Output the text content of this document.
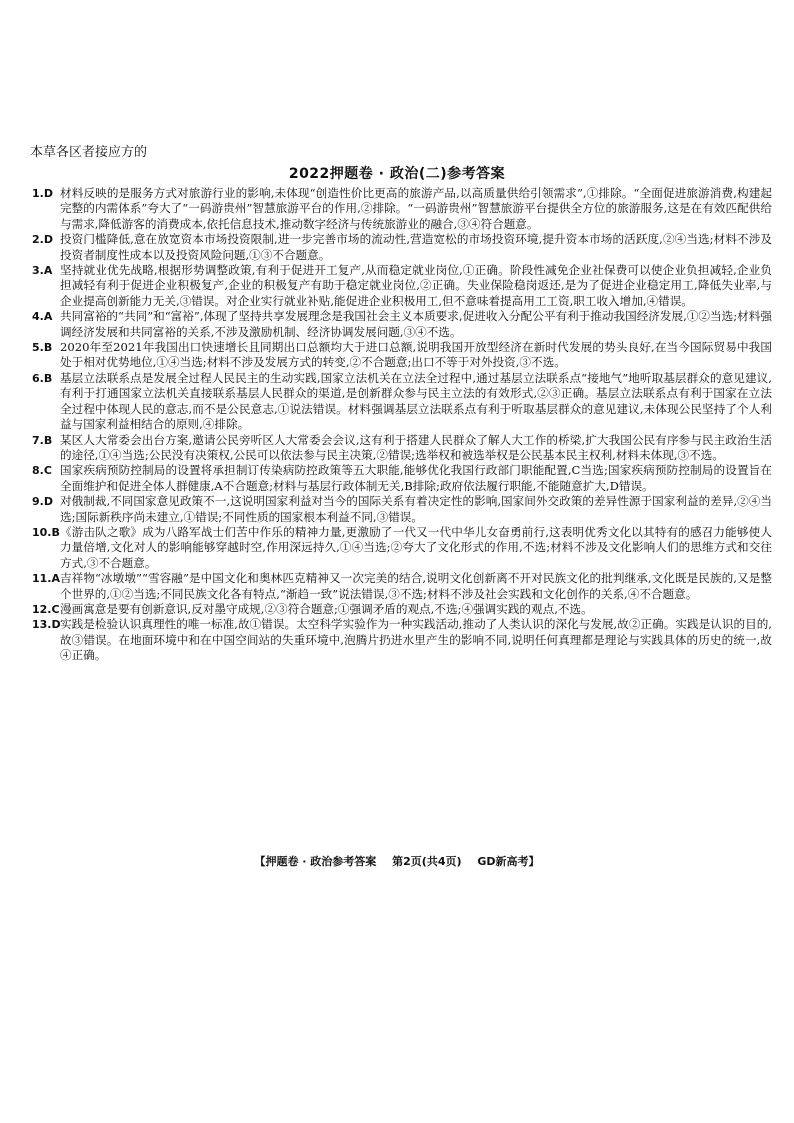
本草各区者接应方的
2022押题卷 · 政治(二)参考答案
1.D 材料反映的是服务方式对旅游行业的影响,未体现“创造性价比更高的旅游产品,以高质量供给引领需求”,①排除。“全面促进旅游消费,构建起完整的内需体系”夸大了“一码游贵州”智慧旅游平台的作用,②排除。“一码游贵州”智慧旅游平台提供全方位的旅游服务,这是在有效匹配供给与需求,降低游客的消费成本,依托信息技术,推动数字经济与传统旅游业的融合,③④符合题意。
2.D 投资门槛降低,意在放宽资本市场投资限制,进一步完善市场的流动性,营造宽松的市场投资环境,提升资本市场的活跃度,②④当选;材料不涉及投资者制度性成本以及投资风险问题,①③不合题意。
3.A 坚持就业优先战略,根据形势调整政策,有利于促进开工复产,从而稳定就业岗位,①正确。阶段性减免企业社保费可以使企业负担减轻,企业负担减轻有利于促进企业积极复产,企业的积极复产有助于稳定就业岗位,②正确。失业保险稳岗返还,是为了促进企业稳定用工,降低失业率,与企业提高创新能力无关,③错误。对企业实行就业补贴,能促进企业积极用工,但不意味着提高用工工资,职工收入增加,④错误。
4.A 共同富裕的“共同”和“富裕”,体现了坚持共享发展理念是我国社会主义本质要求,促进收入分配公平有利于推动我国经济发展,①②当选;材料强调经济发展和共同富裕的关系,不涉及激励机制、经济协调发展问题,③④不选。
5.B 2020年至2021年我国出口快速增长且同期出口总额均大于进口总额,说明我国开放型经济在新时代发展的势头良好,在当今国际贸易中我国处于相对优势地位,①④当选;材料不涉及发展方式的转变,②不合题意;出口不等于对外投资,③不选。
6.B 基层立法联系点是发展全过程人民民主的生动实践,国家立法机关在立法全过程中,通过基层立法联系点“接地气”地听取基层群众的意见建议,有利于打通国家立法机关直接联系基层人民群众的渠道,是创新群众参与民主立法的有效形式,②③正确。基层立法联系点有利于国家在立法全过程中体现人民的意志,而不是公民意志,①说法错误。材料强调基层立法联系点有利于听取基层群众的意见建议,未体现公民坚持了个人利益与国家利益相结合的原则,④排除。
7.B 某区人大常委会出台方案,邀请公民旁听区人大常委会会议,这有利于搭建人民群众了解人大工作的桥梁,扩大我国公民有序参与民主政治生活的途径,①④当选;公民没有决策权,公民可以依法参与民主决策,②错误;选举权和被选举权是公民基本民主权利,材料未体现,③不选。
8.C 国家疾病预防控制局的设置将承担制订传染病防控政策等五大职能,能够优化我国行政部门职能配置,C当选;国家疾病预防控制局的设置旨在全面维护和促进全体人群健康,A不合题意;材料与基层行政体制无关,B排除;政府依法履行职能,不能随意扩大,D错误。
9.D 对俄制裁,不同国家意见政策不一,这说明国家利益对当今的国际关系有着决定性的影响,国家间外交政策的差异性源于国家利益的差异,②④当选;国际新秩序尚未建立,①错误;不同性质的国家根本利益不同,③错误。
10.B 《游击队之歌》成为八路军战士们苦中作乐的精神力量,更激励了一代又一代中华儿女奋勇前行,这表明优秀文化以其特有的感召力能够使人力量倍增,文化对人的影响能够穿越时空,作用深远持久,①④当选;②夸大了文化形式的作用,不选;材料不涉及文化影响人们的思维方式和交往方式,③不合题意。
11.A 吉祥物“冰墩墩”“雪容融”是中国文化和奥林匹克精神又一次完美的结合,说明文化创新离不开对民族文化的批判继承,文化既是民族的,又是整个世界的,①②当选;不同民族文化各有特点,“渐趋一致”说法错误,③不选;材料不涉及社会实践和文化创作的关系,④不合题意。
12.C 漫画寓意是要有创新意识,反对墨守成规,②③符合题意;①强调矛盾的观点,不选;④强调实践的观点,不选。
13.D 实践是检验认识真理性的唯一标准,故①错误。太空科学实验作为一种实践活动,推动了人类认识的深化与发展,故②正确。实践是认识的目的,故③错误。在地面环境中和在中国空间站的失重环境中,泡腾片扔进水里产生的影响不同,说明任何真理都是理论与实践具体的历史的统一,故④正确。
【押题卷 · 政治参考答案 第2页(共4页) GD新高考】
